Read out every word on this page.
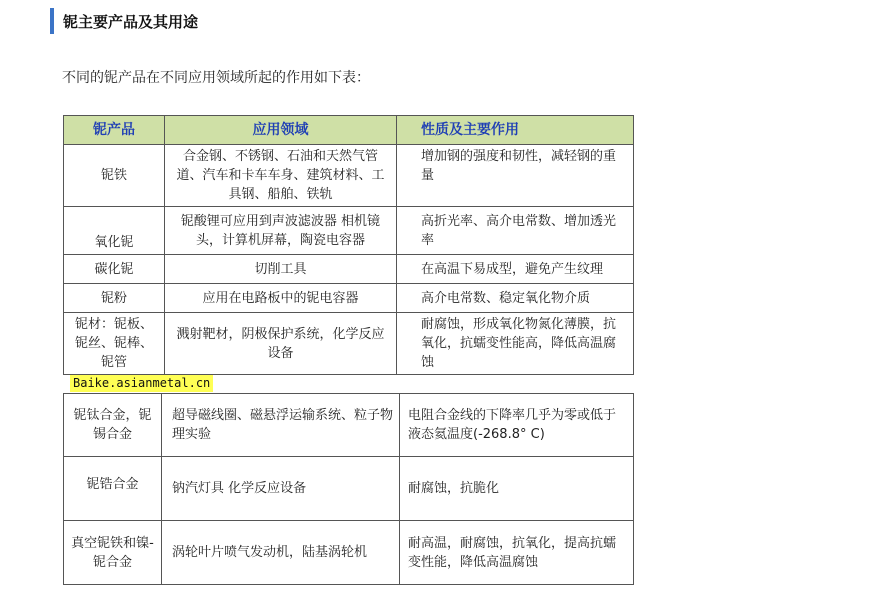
铌主要产品及其用途
不同的铌产品在不同应用领域所起的作用如下表：
铌产品	应用领域	性质及主要作用
铌铁	合金钢、不锈钢、石油和天然气管道、汽车和卡车车身、建筑材料、工具钢、船舶、铁轨	增加钢的强度和韧性，减轻钢的重量
氧化铌	铌酸锂可应用到声波滤波器 相机镜头，计算机屏幕，陶瓷电容器	高折光率、高介电常数、增加透光率
碳化铌	切削工具	在高温下易成型，避免产生纹理
铌粉	应用在电路板中的铌电容器	高介电常数、稳定氧化物介质
铌材：铌板、铌丝、铌棒、铌管	溅射靶材，阴极保护系统，化学反应设备	耐腐蚀，形成氧化物氮化薄膜，抗氧化，抗蠕变性能高，降低高温腐蚀
Baike.asianmetal.cn
铌钛合金，铌锡合金	超导磁线圈、磁悬浮运输系统、粒子物理实验	电阻合金线的下降率几乎为零或低于液态氦温度(-268.8° C)
铌锆合金	钠汽灯具 化学反应设备	耐腐蚀，抗脆化
真空铌铁和镍-铌合金	涡轮叶片喷气发动机，陆基涡轮机	耐高温，耐腐蚀，抗氧化，提高抗蠕变性能，降低高温腐蚀
